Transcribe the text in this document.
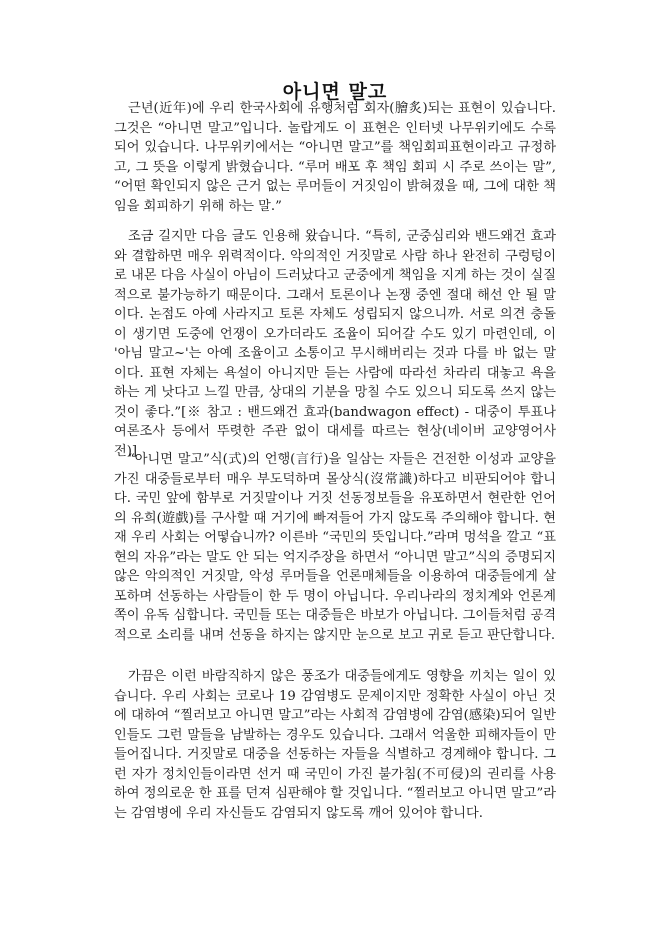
아니면 말고

근년(近年)에 우리 한국사회에 유행처럼 회자(膾炙)되는 표현이 있습니다. 그것은 “아니면 말고”입니다. 놀랍게도 이 표현은 인터넷 나무위키에도 수록되어 있습니다. 나무위키에서는 “아니면 말고”를 책임회피표현이라고 규정하고, 그 뜻을 이렇게 밝혔습니다. “루머 배포 후 책임 회피 시 주로 쓰이는 말”, “어떤 확인되지 않은 근거 없는 루머들이 거짓임이 밝혀졌을 때, 그에 대한 책임을 회피하기 위해 하는 말.”

조금 길지만 다음 글도 인용해 왔습니다. “특히, 군중심리와 밴드왜건 효과와 결합하면 매우 위력적이다. 악의적인 거짓말로 사람 하나 완전히 구렁텅이로 내몬 다음 사실이 아님이 드러났다고 군중에게 책임을 지게 하는 것이 실질적으로 불가능하기 때문이다. 그래서 토론이나 논쟁 중엔 절대 해선 안 될 말이다. 논점도 아예 사라지고 토론 자체도 성립되지 않으니까. 서로 의견 충돌이 생기면 도중에 언쟁이 오가더라도 조율이 되어갈 수도 있기 마련인데, 이 '아님 말고~'는 아예 조율이고 소통이고 무시해버리는 것과 다를 바 없는 말이다. 표현 자체는 욕설이 아니지만 듣는 사람에 따라선 차라리 대놓고 욕을 하는 게 낫다고 느낄 만큼, 상대의 기분을 망칠 수도 있으니 되도록 쓰지 않는 것이 좋다.”[※ 참고 : 밴드왜건 효과(bandwagon effect) - 대중이 투표나 여론조사 등에서 뚜렷한 주관 없이 대세를 따르는 현상(네이버 교양영어사전)]

“아니면 말고”식(式)의 언행(言行)을 일삼는 자들은 건전한 이성과 교양을 가진 대중들로부터 매우 부도덕하며 몰상식(沒常識)하다고 비판되어야 합니다. 국민 앞에 함부로 거짓말이나 거짓 선동정보들을 유포하면서 현란한 언어의 유희(遊戲)를 구사할 때 거기에 빠져들어 가지 않도록 주의해야 합니다. 현재 우리 사회는 어떻습니까? 이른바 “국민의 뜻입니다.”라며 멍석을 깔고 “표현의 자유”라는 말도 안 되는 억지주장을 하면서 “아니면 말고”식의 증명되지 않은 악의적인 거짓말, 악성 루머들을 언론매체들을 이용하여 대중들에게 살포하며 선동하는 사람들이 한 두 명이 아닙니다. 우리나라의 정치계와 언론계 쪽이 유독 심합니다. 국민들 또는 대중들은 바보가 아닙니다. 그이들처럼 공격적으로 소리를 내며 선동을 하지는 않지만 눈으로 보고 귀로 듣고 판단합니다.

가끔은 이런 바람직하지 않은 풍조가 대중들에게도 영향을 끼치는 일이 있습니다. 우리 사회는 코로나 19 감염병도 문제이지만 정확한 사실이 아닌 것에 대하여 “찔러보고 아니면 말고”라는 사회적 감염병에 감염(感染)되어 일반인들도 그런 말들을 남발하는 경우도 있습니다. 그래서 억울한 피해자들이 만들어집니다. 거짓말로 대중을 선동하는 자들을 식별하고 경계해야 합니다. 그런 자가 정치인들이라면 선거 때 국민이 가진 불가침(不可侵)의 권리를 사용하여 정의로운 한 표를 던져 심판해야 할 것입니다. “찔러보고 아니면 말고”라는 감염병에 우리 자신들도 감염되지 않도록 깨어 있어야 합니다.
